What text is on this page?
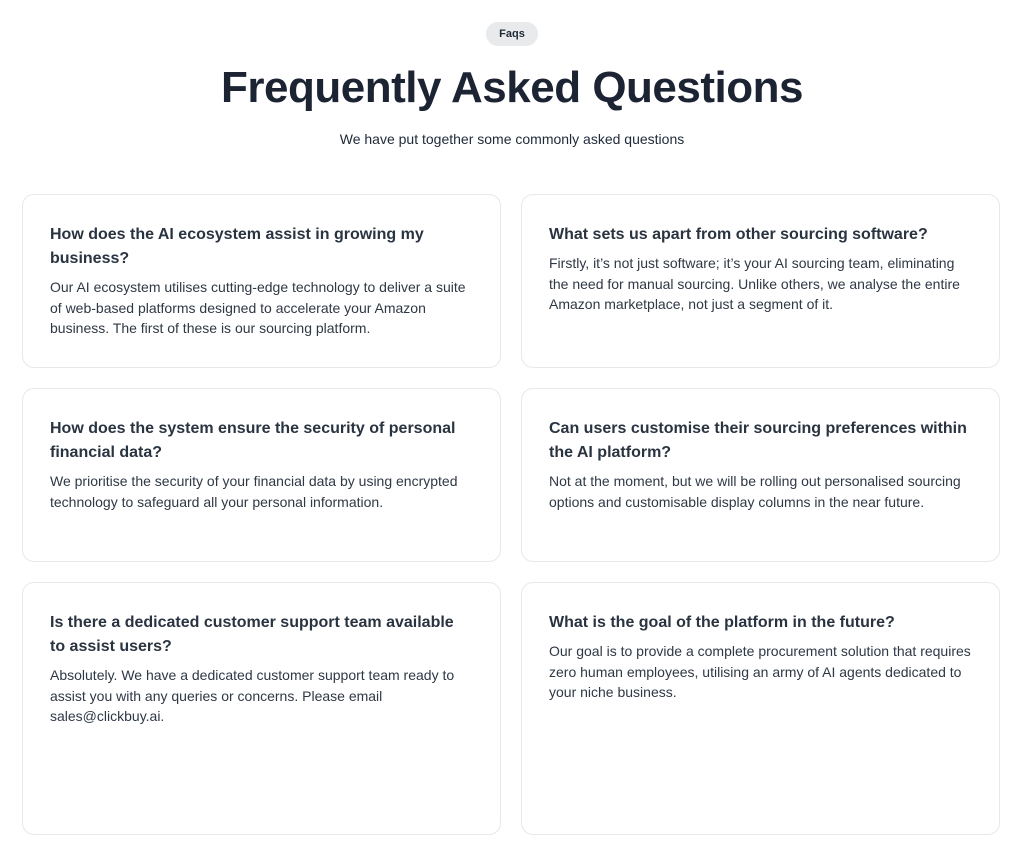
Faqs
Frequently Asked Questions

We have put together some commonly asked questions

How does the AI ecosystem assist in growing my business?

Our AI ecosystem utilises cutting-edge technology to deliver a suite of web-based platforms designed to accelerate your Amazon business. The first of these is our sourcing platform.

What sets us apart from other sourcing software?

Firstly, it’s not just software; it’s your AI sourcing team, eliminating the need for manual sourcing. Unlike others, we analyse the entire Amazon marketplace, not just a segment of it.

How does the system ensure the security of personal financial data?

We prioritise the security of your financial data by using encrypted technology to safeguard all your personal information.

Can users customise their sourcing preferences within the AI platform?

Not at the moment, but we will be rolling out personalised sourcing options and customisable display columns in the near future.

Is there a dedicated customer support team available to assist users?

Absolutely. We have a dedicated customer support team ready to assist you with any queries or concerns. Please email sales@clickbuy.ai.

What is the goal of the platform in the future?

Our goal is to provide a complete procurement solution that requires zero human employees, utilising an army of AI agents dedicated to your niche business.
